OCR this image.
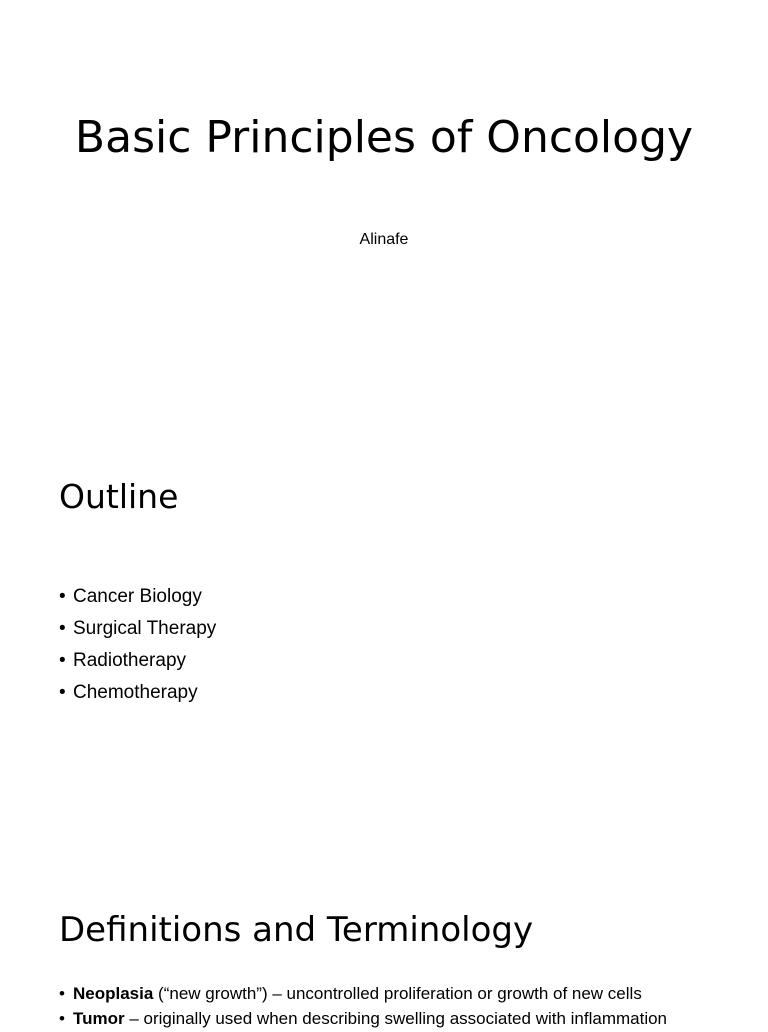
Basic Principles of Oncology
Alinafe
Outline
• Cancer Biology
• Surgical Therapy
• Radiotherapy
• Chemotherapy
Definitions and Terminology
• Neoplasia (“new growth”) – uncontrolled proliferation or growth of new cells
• Tumor – originally used when describing swelling associated with inflammation
